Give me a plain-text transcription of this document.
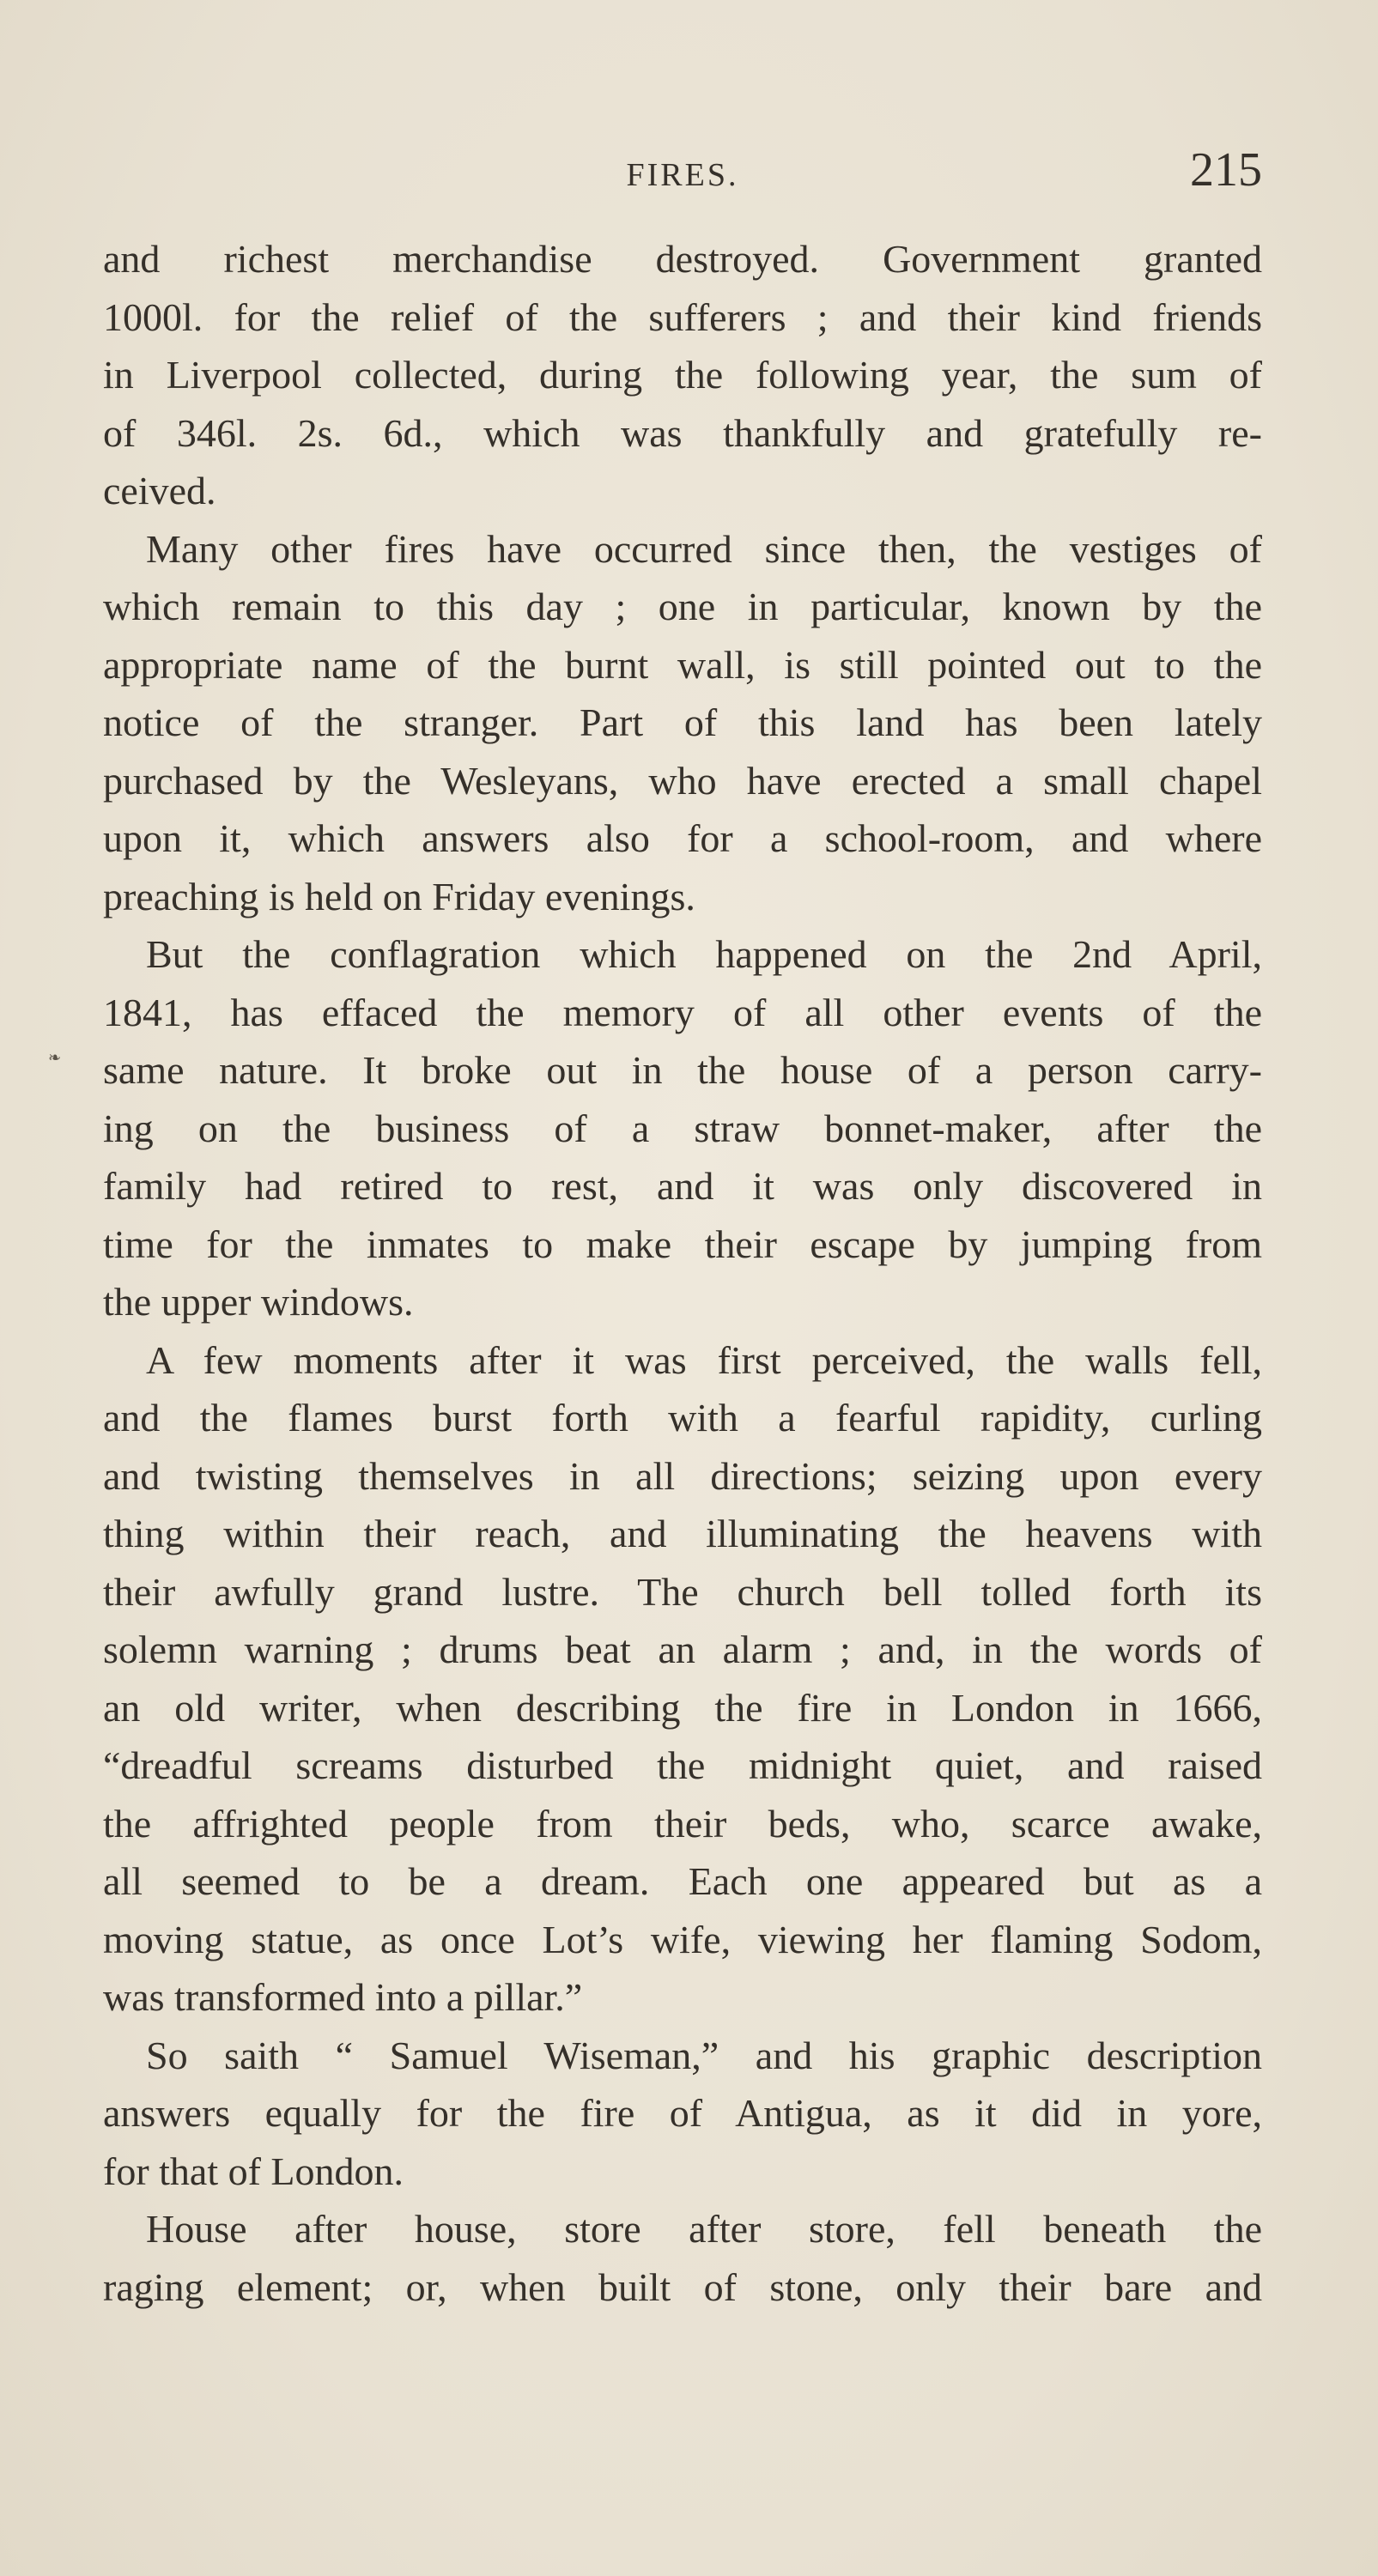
FIRES.	215
❧
and richest merchandise destroyed. Government granted
1000l. for the relief of the sufferers ; and their kind friends
in Liverpool collected, during the following year, the sum of
of 346l. 2s. 6d., which was thankfully and gratefully re-
ceived.
Many other fires have occurred since then, the vestiges of
which remain to this day ; one in particular, known by the
appropriate name of the burnt wall, is still pointed out to the
notice of the stranger. Part of this land has been lately
purchased by the Wesleyans, who have erected a small chapel
upon it, which answers also for a school-room, and where
preaching is held on Friday evenings.
But the conflagration which happened on the 2nd April,
1841, has effaced the memory of all other events of the
same nature. It broke out in the house of a person carry-
ing on the business of a straw bonnet-maker, after the
family had retired to rest, and it was only discovered in
time for the inmates to make their escape by jumping from
the upper windows.
A few moments after it was first perceived, the walls fell,
and the flames burst forth with a fearful rapidity, curling
and twisting themselves in all directions; seizing upon every
thing within their reach, and illuminating the heavens with
their awfully grand lustre. The church bell tolled forth its
solemn warning ; drums beat an alarm ; and, in the words of
an old writer, when describing the fire in London in 1666,
“dreadful screams disturbed the midnight quiet, and raised
the affrighted people from their beds, who, scarce awake,
all seemed to be a dream. Each one appeared but as a
moving statue, as once Lot’s wife, viewing her flaming Sodom,
was transformed into a pillar.”
So saith “ Samuel Wiseman,” and his graphic description
answers equally for the fire of Antigua, as it did in yore,
for that of London.
House after house, store after store, fell beneath the
raging element; or, when built of stone, only their bare and
